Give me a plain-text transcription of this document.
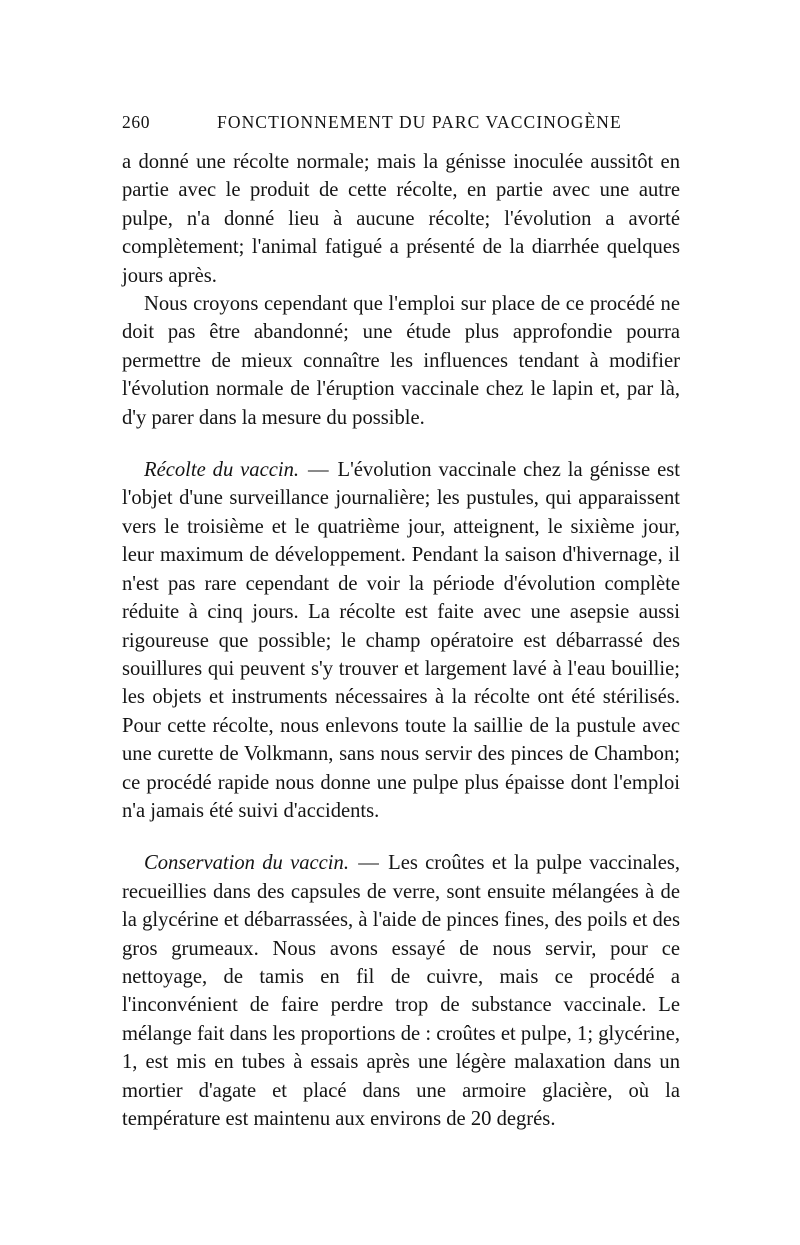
260	FONCTIONNEMENT DU PARC VACCINOGÈNE

a donné une récolte normale; mais la génisse inoculée aussitôt en partie avec le produit de cette récolte, en partie avec une autre pulpe, n'a donné lieu à aucune récolte; l'évolution a avorté complètement; l'animal fatigué a présenté de la diarrhée quelques jours après.

Nous croyons cependant que l'emploi sur place de ce procédé ne doit pas être abandonné; une étude plus approfondie pourra permettre de mieux connaître les influences tendant à modifier l'évolution normale de l'éruption vaccinale chez le lapin et, par là, d'y parer dans la mesure du possible.

Récolte du vaccin. — L'évolution vaccinale chez la génisse est l'objet d'une surveillance journalière; les pustules, qui apparaissent vers le troisième et le quatrième jour, atteignent, le sixième jour, leur maximum de développement. Pendant la saison d'hivernage, il n'est pas rare cependant de voir la période d'évolution complète réduite à cinq jours. La récolte est faite avec une asepsie aussi rigoureuse que possible; le champ opératoire est débarrassé des souillures qui peuvent s'y trouver et largement lavé à l'eau bouillie; les objets et instruments nécessaires à la récolte ont été stérilisés. Pour cette récolte, nous enlevons toute la saillie de la pustule avec une curette de Volkmann, sans nous servir des pinces de Chambon; ce procédé rapide nous donne une pulpe plus épaisse dont l'emploi n'a jamais été suivi d'accidents.

Conservation du vaccin. — Les croûtes et la pulpe vaccinales, recueillies dans des capsules de verre, sont ensuite mélangées à de la glycérine et débarrassées, à l'aide de pinces fines, des poils et des gros grumeaux. Nous avons essayé de nous servir, pour ce nettoyage, de tamis en fil de cuivre, mais ce procédé a l'inconvénient de faire perdre trop de substance vaccinale. Le mélange fait dans les proportions de : croûtes et pulpe, 1; glycérine, 1, est mis en tubes à essais après une légère malaxation dans un mortier d'agate et placé dans une armoire glacière, où la température est maintenu aux environs de 20 degrés.
